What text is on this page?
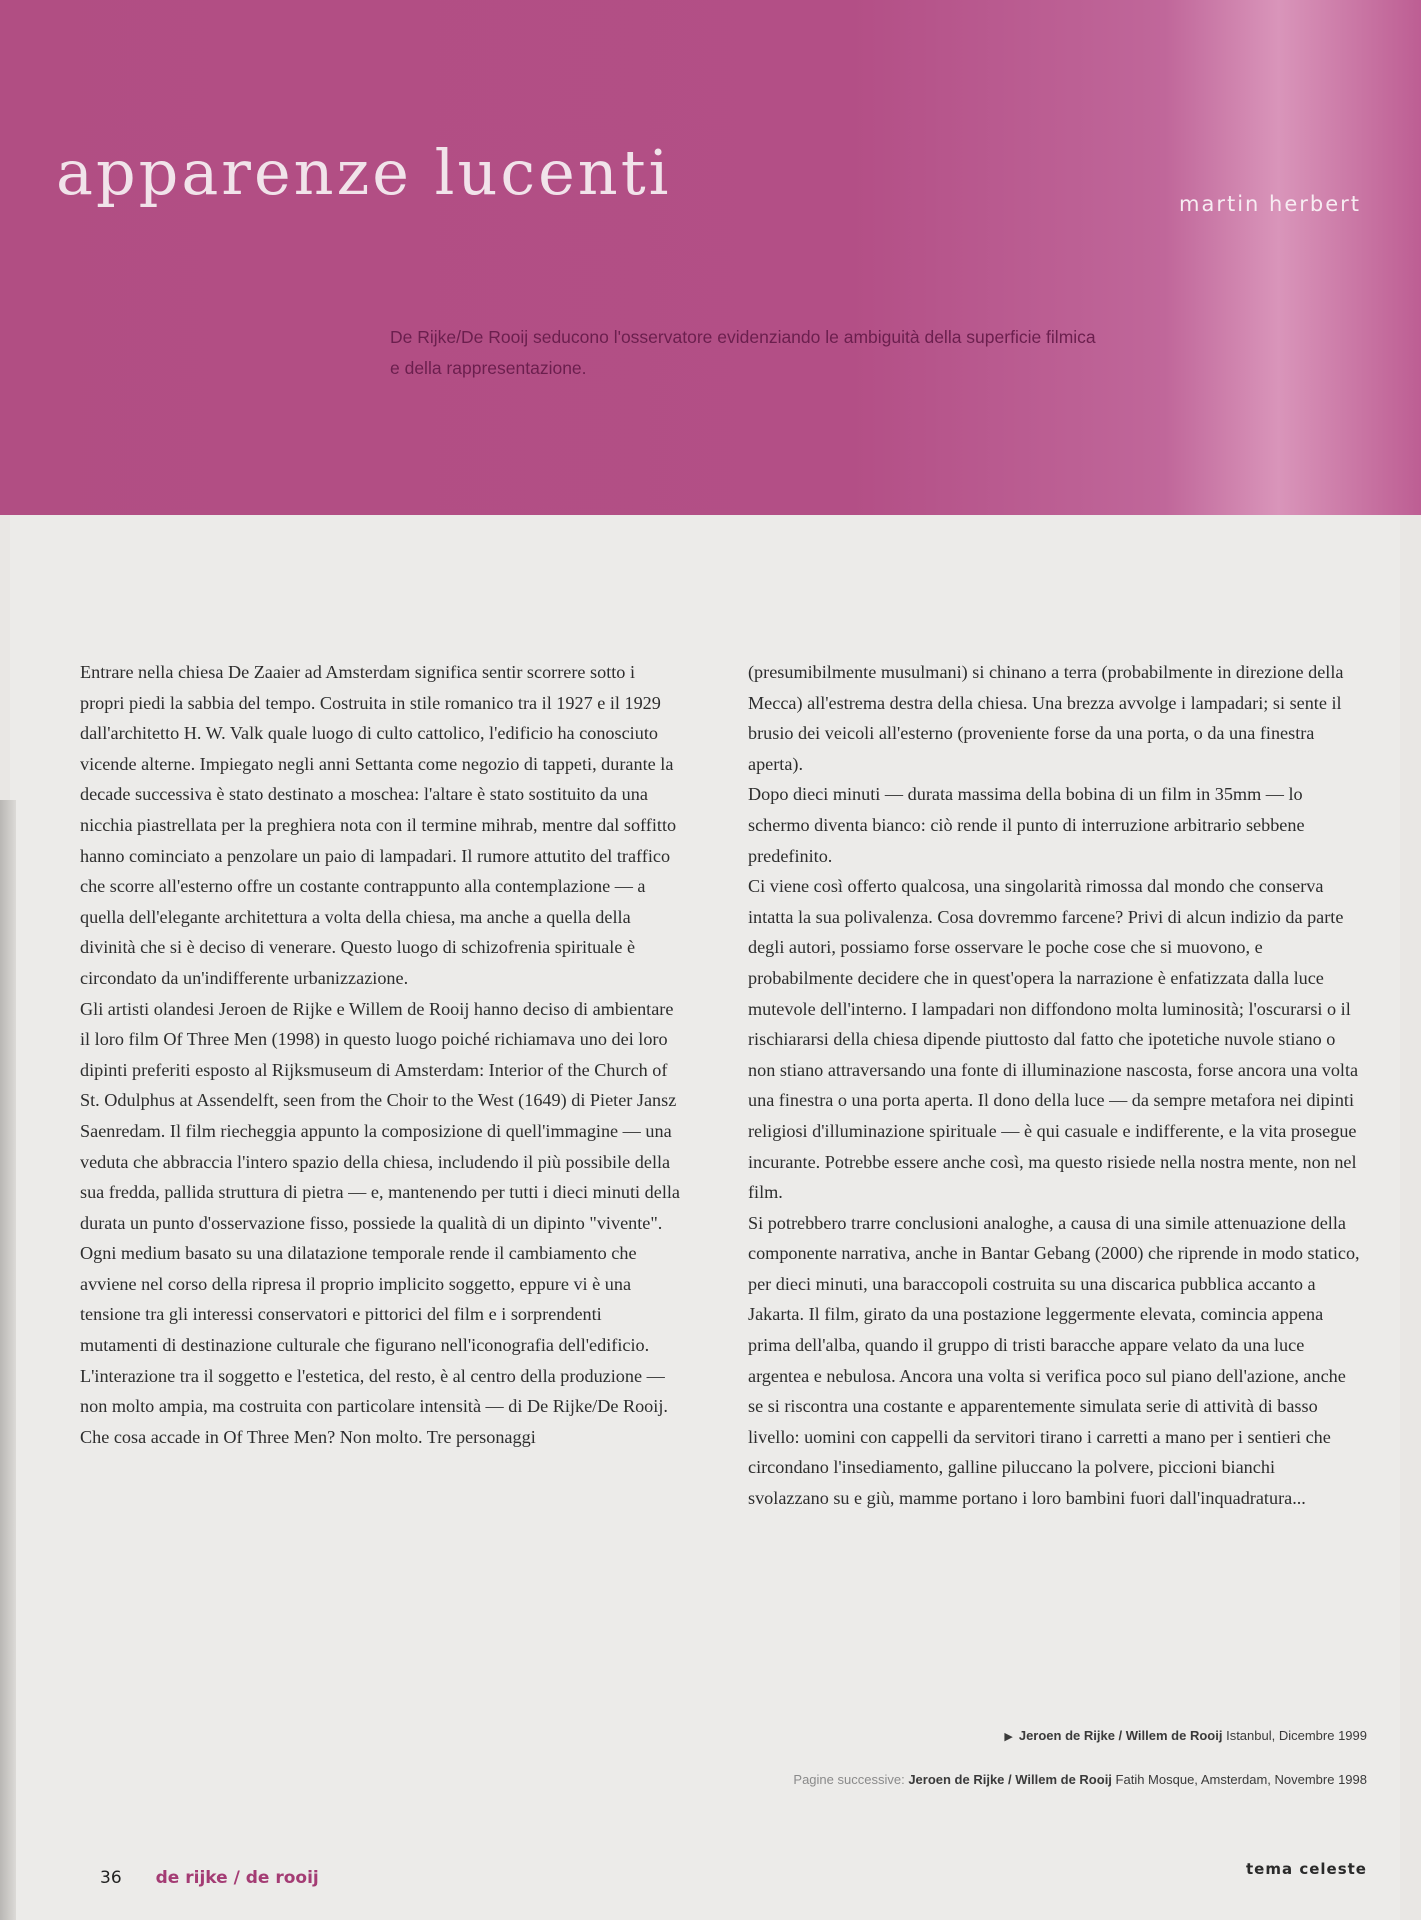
apparenze lucenti	martin herbert

De Rijke/De Rooij seducono l'osservatore evidenziando le ambiguità della superficie filmica e della rappresentazione.

Entrare nella chiesa De Zaaier ad Amsterdam significa sentir scorrere sotto i propri piedi la sabbia del tempo. Costruita in stile romanico tra il 1927 e il 1929 dall'architetto H. W. Valk quale luogo di culto cattolico, l'edificio ha conosciuto vicende alterne. Impiegato negli anni Settanta come negozio di tappeti, durante la decade successiva è stato destinato a moschea: l'altare è stato sostituito da una nicchia piastrellata per la preghiera nota con il termine mihrab, mentre dal soffitto hanno cominciato a penzolare un paio di lampadari. Il rumore attutito del traffico che scorre all'esterno offre un costante contrappunto alla contemplazione — a quella dell'elegante architettura a volta della chiesa, ma anche a quella della divinità che si è deciso di venerare. Questo luogo di schizofrenia spirituale è circondato da un'indifferente urbanizzazione.

Gli artisti olandesi Jeroen de Rijke e Willem de Rooij hanno deciso di ambientare il loro film Of Three Men (1998) in questo luogo poiché richiamava uno dei loro dipinti preferiti esposto al Rijksmuseum di Amsterdam: Interior of the Church of St. Odulphus at Assendelft, seen from the Choir to the West (1649) di Pieter Jansz Saenredam. Il film riecheggia appunto la composizione di quell'immagine — una veduta che abbraccia l'intero spazio della chiesa, includendo il più possibile della sua fredda, pallida struttura di pietra — e, mantenendo per tutti i dieci minuti della durata un punto d'osservazione fisso, possiede la qualità di un dipinto "vivente". Ogni medium basato su una dilatazione temporale rende il cambiamento che avviene nel corso della ripresa il proprio implicito soggetto, eppure vi è una tensione tra gli interessi conservatori e pittorici del film e i sorprendenti mutamenti di destinazione culturale che figurano nell'iconografia dell'edificio. L'interazione tra il soggetto e l'estetica, del resto, è al centro della produzione — non molto ampia, ma costruita con particolare intensità — di De Rijke/De Rooij.

Che cosa accade in Of Three Men? Non molto. Tre personaggi

(presumibilmente musulmani) si chinano a terra (probabilmente in direzione della Mecca) all'estrema destra della chiesa. Una brezza avvolge i lampadari; si sente il brusio dei veicoli all'esterno (proveniente forse da una porta, o da una finestra aperta).

Dopo dieci minuti — durata massima della bobina di un film in 35mm — lo schermo diventa bianco: ciò rende il punto di interruzione arbitrario sebbene predefinito.

Ci viene così offerto qualcosa, una singolarità rimossa dal mondo che conserva intatta la sua polivalenza. Cosa dovremmo farcene? Privi di alcun indizio da parte degli autori, possiamo forse osservare le poche cose che si muovono, e probabilmente decidere che in quest'opera la narrazione è enfatizzata dalla luce mutevole dell'interno. I lampadari non diffondono molta luminosità; l'oscurarsi o il rischiararsi della chiesa dipende piuttosto dal fatto che ipotetiche nuvole stiano o non stiano attraversando una fonte di illuminazione nascosta, forse ancora una volta una finestra o una porta aperta. Il dono della luce — da sempre metafora nei dipinti religiosi d'illuminazione spirituale — è qui casuale e indifferente, e la vita prosegue incurante. Potrebbe essere anche così, ma questo risiede nella nostra mente, non nel film.

Si potrebbero trarre conclusioni analoghe, a causa di una simile attenuazione della componente narrativa, anche in Bantar Gebang (2000) che riprende in modo statico, per dieci minuti, una baraccopoli costruita su una discarica pubblica accanto a Jakarta. Il film, girato da una postazione leggermente elevata, comincia appena prima dell'alba, quando il gruppo di tristi baracche appare velato da una luce argentea e nebulosa. Ancora una volta si verifica poco sul piano dell'azione, anche se si riscontra una costante e apparentemente simulata serie di attività di basso livello: uomini con cappelli da servitori tirano i carretti a mano per i sentieri che circondano l'insediamento, galline piluccano la polvere, piccioni bianchi svolazzano su e giù, mamme portano i loro bambini fuori dall'inquadratura...

▶ Jeroen de Rijke / Willem de Rooij Istanbul, Dicembre 1999

Pagine successive: Jeroen de Rijke / Willem de Rooij Fatih Mosque, Amsterdam, Novembre 1998

36 de rijke / de rooij	tema celeste
